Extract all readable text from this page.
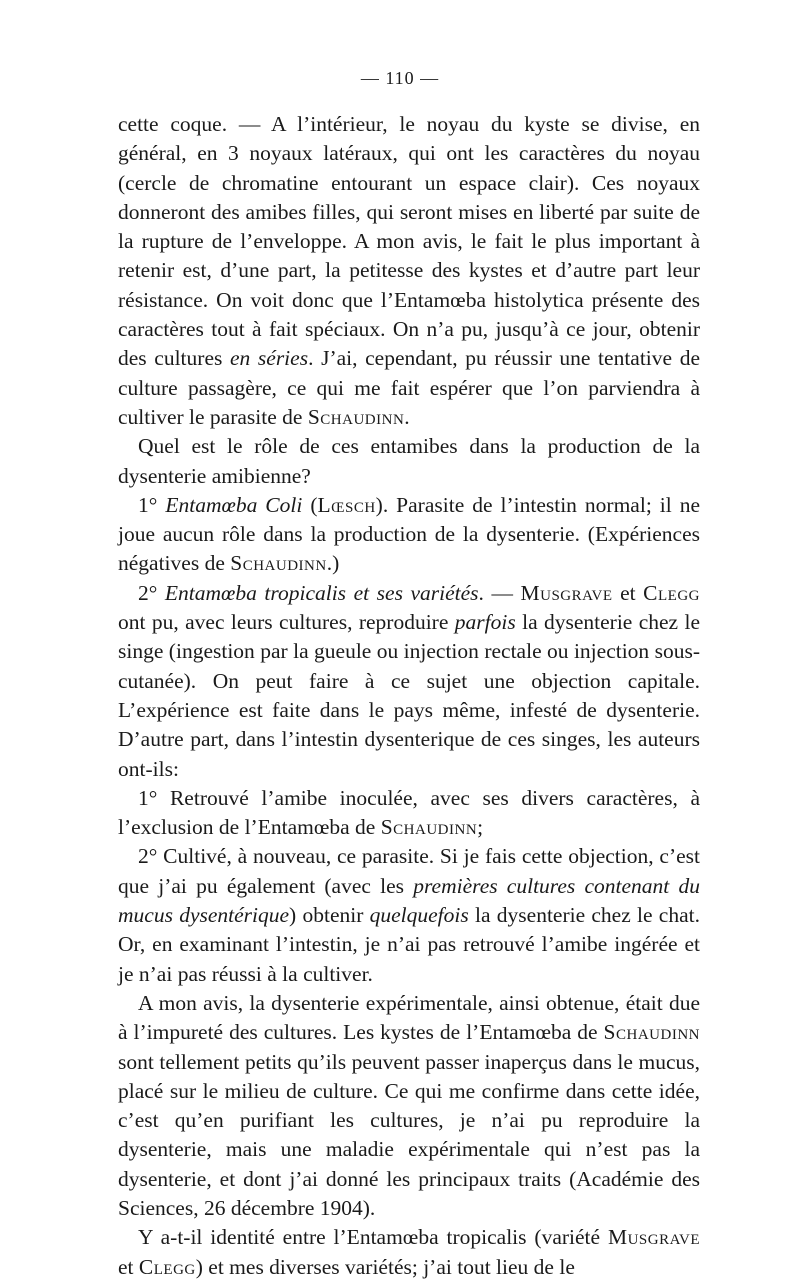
— 110 —

cette coque. — A l’intérieur, le noyau du kyste se divise, en général, en 3 noyaux latéraux, qui ont les caractères du noyau (cercle de chromatine entourant un espace clair). Ces noyaux donneront des amibes filles, qui seront mises en liberté par suite de la rupture de l’enveloppe. A mon avis, le fait le plus important à retenir est, d’une part, la petitesse des kystes et d’autre part leur résistance. On voit donc que l’Entamœba histolytica présente des caractères tout à fait spéciaux. On n’a pu, jusqu’à ce jour, obtenir des cultures en séries. J’ai, cependant, pu réussir une tentative de culture passagère, ce qui me fait espérer que l’on parviendra à cultiver le parasite de Schaudinn.

Quel est le rôle de ces entamibes dans la production de la dysenterie amibienne?

1° Entamœba Coli (Lœsch). Parasite de l’intestin normal; il ne joue aucun rôle dans la production de la dysenterie. (Expériences négatives de Schaudinn.)

2° Entamœba tropicalis et ses variétés. — Musgrave et Clegg ont pu, avec leurs cultures, reproduire parfois la dysenterie chez le singe (ingestion par la gueule ou injection rectale ou injection sous-cutanée). On peut faire à ce sujet une objection capitale. L’expérience est faite dans le pays même, infesté de dysenterie. D’autre part, dans l’intestin dysenterique de ces singes, les auteurs ont-ils:

1° Retrouvé l’amibe inoculée, avec ses divers caractères, à l’exclusion de l’Entamœba de Schaudinn;

2° Cultivé, à nouveau, ce parasite. Si je fais cette objection, c’est que j’ai pu également (avec les premières cultures contenant du mucus dysentérique) obtenir quelquefois la dysenterie chez le chat. Or, en examinant l’intestin, je n’ai pas retrouvé l’amibe ingérée et je n’ai pas réussi à la cultiver.

A mon avis, la dysenterie expérimentale, ainsi obtenue, était due à l’impureté des cultures. Les kystes de l’Entamœba de Schaudinn sont tellement petits qu’ils peuvent passer inaperçus dans le mucus, placé sur le milieu de culture. Ce qui me confirme dans cette idée, c’est qu’en purifiant les cultures, je n’ai pu reproduire la dysenterie, mais une maladie expérimentale qui n’est pas la dysenterie, et dont j’ai donné les principaux traits (Académie des Sciences, 26 décembre 1904).

Y a-t-il identité entre l’Entamœba tropicalis (variété Musgrave et Clegg) et mes diverses variétés; j’ai tout lieu de le
